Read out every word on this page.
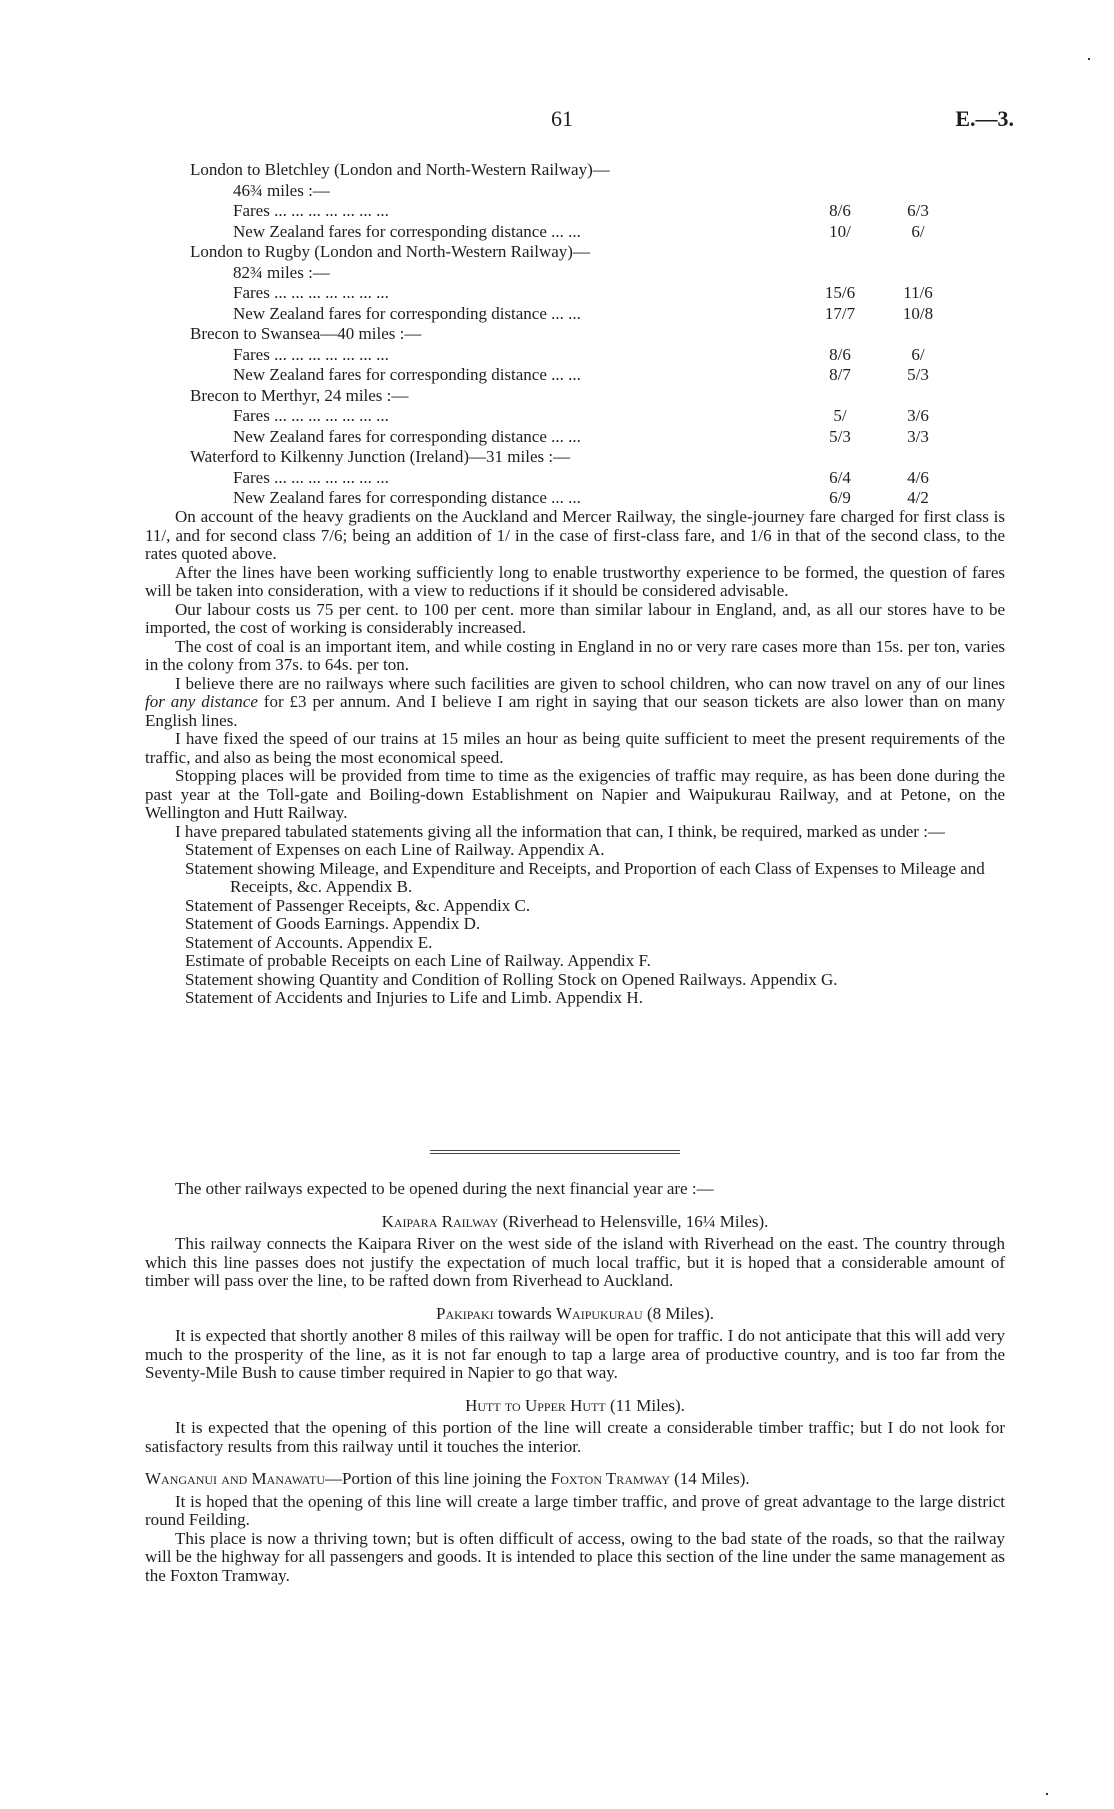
61	E.—3.
London to Bletchley (London and North-Western Railway)—
46¾ miles :—
Fares ... ... ... ... ... ... ...	8/6	6/3
New Zealand fares for corresponding distance ... ...	10/	6/
London to Rugby (London and North-Western Railway)—
82¾ miles :—
Fares ... ... ... ... ... ... ...	15/6	11/6
New Zealand fares for corresponding distance ... ...	17/7	10/8
Brecon to Swansea—40 miles :—
Fares ... ... ... ... ... ... ...	8/6	6/
New Zealand fares for corresponding distance ... ...	8/7	5/3
Brecon to Merthyr, 24 miles :—
Fares ... ... ... ... ... ... ...	5/	3/6
New Zealand fares for corresponding distance ... ...	5/3	3/3
Waterford to Kilkenny Junction (Ireland)—31 miles :—
Fares ... ... ... ... ... ... ...	6/4	4/6
New Zealand fares for corresponding distance ... ...	6/9	4/2

On account of the heavy gradients on the Auckland and Mercer Railway, the single-journey fare charged for first class is 11/, and for second class 7/6; being an addition of 1/ in the case of first-class fare, and 1/6 in that of the second class, to the rates quoted above.

After the lines have been working sufficiently long to enable trustworthy experience to be formed, the question of fares will be taken into consideration, with a view to reductions if it should be considered advisable.

Our labour costs us 75 per cent. to 100 per cent. more than similar labour in England, and, as all our stores have to be imported, the cost of working is considerably increased.

The cost of coal is an important item, and while costing in England in no or very rare cases more than 15s. per ton, varies in the colony from 37s. to 64s. per ton.

I believe there are no railways where such facilities are given to school children, who can now travel on any of our lines for any distance for £3 per annum. And I believe I am right in saying that our season tickets are also lower than on many English lines.

I have fixed the speed of our trains at 15 miles an hour as being quite sufficient to meet the present requirements of the traffic, and also as being the most economical speed.

Stopping places will be provided from time to time as the exigencies of traffic may require, as has been done during the past year at the Toll-gate and Boiling-down Establishment on Napier and Waipukurau Railway, and at Petone, on the Wellington and Hutt Railway.

I have prepared tabulated statements giving all the information that can, I think, be required, marked as under :—

Statement of Expenses on each Line of Railway. Appendix A.
Statement showing Mileage, and Expenditure and Receipts, and Proportion of each Class of Expenses to Mileage and Receipts, &c. Appendix B.
Statement of Passenger Receipts, &c. Appendix C.
Statement of Goods Earnings. Appendix D.
Statement of Accounts. Appendix E.
Estimate of probable Receipts on each Line of Railway. Appendix F.
Statement showing Quantity and Condition of Rolling Stock on Opened Railways. Appendix G.
Statement of Accidents and Injuries to Life and Limb. Appendix H.

The other railways expected to be opened during the next financial year are :—

Kaipara Railway (Riverhead to Helensville, 16¼ Miles).

This railway connects the Kaipara River on the west side of the island with Riverhead on the east. The country through which this line passes does not justify the expectation of much local traffic, but it is hoped that a considerable amount of timber will pass over the line, to be rafted down from Riverhead to Auckland.

Pakipaki towards Waipukurau (8 Miles).

It is expected that shortly another 8 miles of this railway will be open for traffic. I do not anticipate that this will add very much to the prosperity of the line, as it is not far enough to tap a large area of productive country, and is too far from the Seventy-Mile Bush to cause timber required in Napier to go that way.

Hutt to Upper Hutt (11 Miles).

It is expected that the opening of this portion of the line will create a considerable timber traffic; but I do not look for satisfactory results from this railway until it touches the interior.

Wanganui and Manawatu—Portion of this line joining the Foxton Tramway (14 Miles).

It is hoped that the opening of this line will create a large timber traffic, and prove of great advantage to the large district round Feilding.

This place is now a thriving town; but is often difficult of access, owing to the bad state of the roads, so that the railway will be the highway for all passengers and goods. It is intended to place this section of the line under the same management as the Foxton Tramway.
